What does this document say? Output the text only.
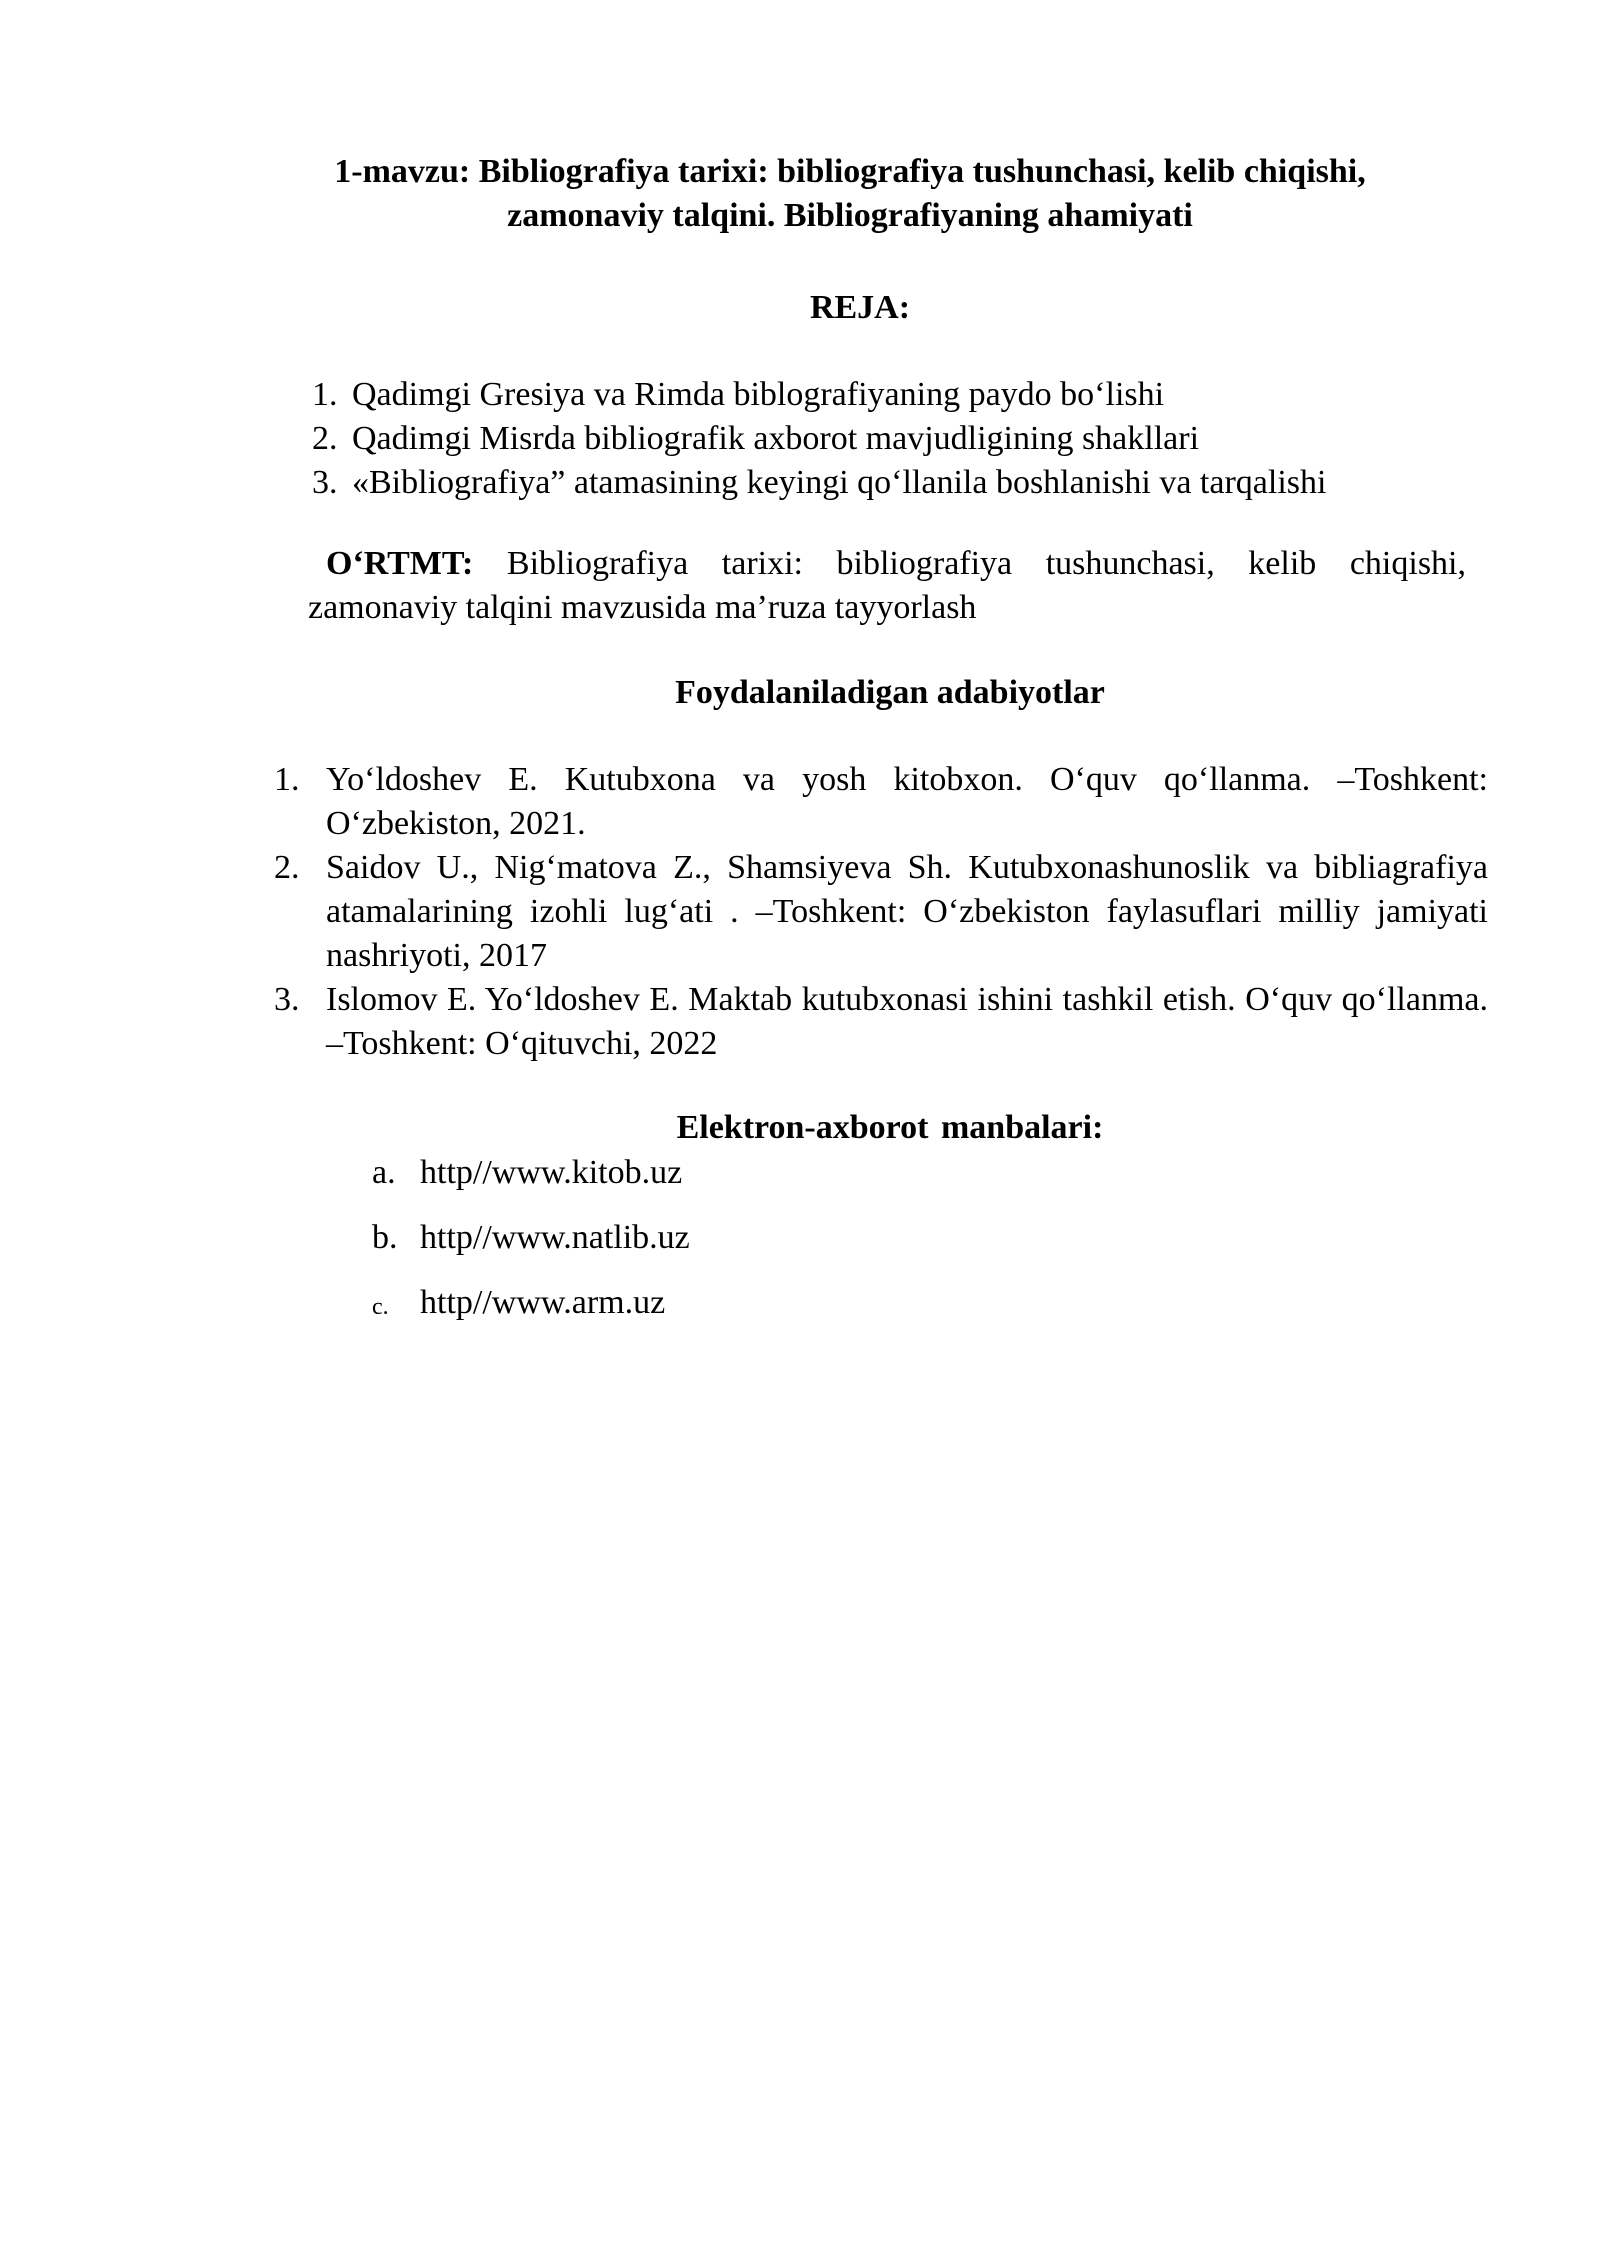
1-mavzu: Bibliografiya tarixi: bibliografiya tushunchasi, kelib chiqishi,
zamonaviy talqini. Bibliografiyaning ahamiyati
REJA:
1. Qadimgi Gresiya va Rimda biblografiyaning paydo bo‘lishi
2. Qadimgi Misrda bibliografik axborot mavjudligining shakllari
3. «Bibliografiya” atamasining keyingi qo‘llanila boshlanishi va tarqalishi
O‘RTMT: Bibliografiya tarixi: bibliografiya tushunchasi, kelib chiqishi, zamonaviy talqini mavzusida ma’ruza tayyorlash
Foydalaniladigan adabiyotlar
1. Yo‘ldoshev E. Kutubxona va yosh kitobxon. O‘quv qo‘llanma. –Toshkent: O‘zbekiston, 2021.
2. Saidov U., Nig‘matova Z., Shamsiyeva Sh. Kutubxonashunoslik va bibliagrafiya atamalarining izohli lug‘ati . –Toshkent: O‘zbekiston faylasuflari milliy jamiyati nashriyoti, 2017
3. Islomov E. Yo‘ldoshev E. Maktab kutubxonasi ishini tashkil etish. O‘quv qo‘llanma. –Toshkent: O‘qituvchi, 2022
Elektron-axborot manbalari:
a. http//www.kitob.uz
b. http//www.natlib.uz
c. http//www.arm.uz
